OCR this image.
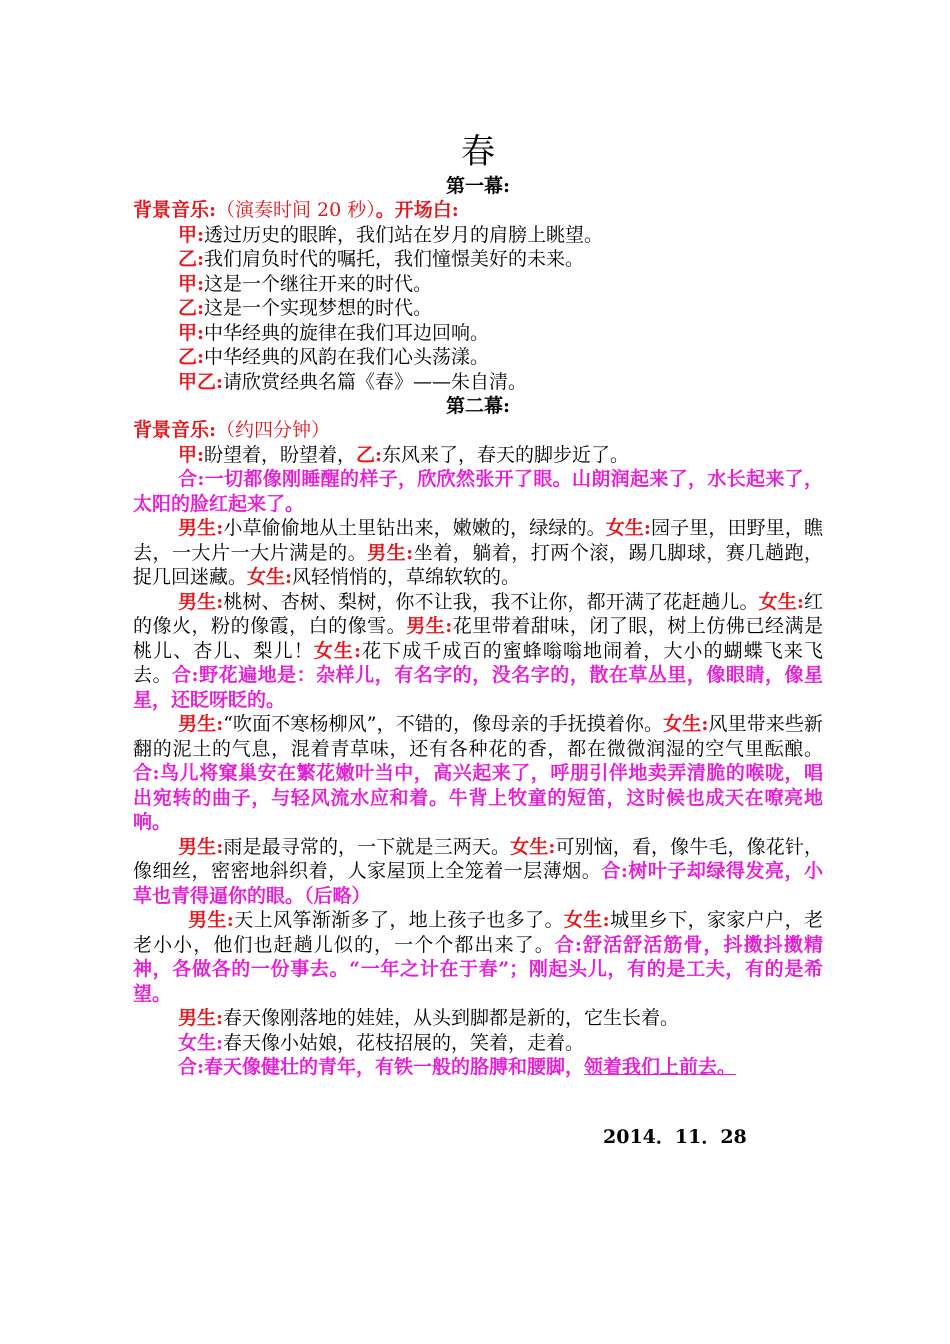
春
第一幕:

背景音乐:（演奏时间 20 秒）。开场白:

甲:透过历史的眼眸，我们站在岁月的肩膀上眺望。

乙:我们肩负时代的嘱托，我们憧憬美好的未来。

甲:这是一个继往开来的时代。

乙:这是一个实现梦想的时代。

甲:中华经典的旋律在我们耳边回响。

乙:中华经典的风韵在我们心头荡漾。

甲乙:请欣赏经典名篇《春》——朱自清。

第二幕:

背景音乐:（约四分钟）

甲:盼望着，盼望着，乙:东风来了，春天的脚步近了。

合:一切都像刚睡醒的样子，欣欣然张开了眼。山朗润起来了，水长起来了，太阳的脸红起来了。

男生:小草偷偷地从土里钻出来，嫩嫩的，绿绿的。女生:园子里，田野里，瞧去，一大片一大片满是的。男生:坐着，躺着，打两个滚，踢几脚球，赛几趟跑，捉几回迷藏。女生:风轻悄悄的，草绵软软的。

男生:桃树、杏树、梨树，你不让我，我不让你，都开满了花赶趟儿。女生:红的像火，粉的像霞，白的像雪。男生:花里带着甜味，闭了眼，树上仿佛已经满是桃儿、杏儿、梨儿！女生:花下成千成百的蜜蜂嗡嗡地闹着，大小的蝴蝶飞来飞去。合:野花遍地是：杂样儿，有名字的，没名字的，散在草丛里，像眼睛，像星星，还眨呀眨的。

男生:“吹面不寒杨柳风”，不错的，像母亲的手抚摸着你。女生:风里带来些新翻的泥土的气息，混着青草味，还有各种花的香，都在微微润湿的空气里酝酿。合:鸟儿将窠巢安在繁花嫩叶当中，高兴起来了，呼朋引伴地卖弄清脆的喉咙，唱出宛转的曲子，与轻风流水应和着。牛背上牧童的短笛，这时候也成天在嘹亮地响。

男生:雨是最寻常的，一下就是三两天。女生:可别恼，看，像牛毛，像花针，像细丝，密密地斜织着，人家屋顶上全笼着一层薄烟。合:树叶子却绿得发亮，小草也青得逼你的眼。（后略）

男生:天上风筝渐渐多了，地上孩子也多了。女生:城里乡下，家家户户，老老小小，他们也赶趟儿似的，一个个都出来了。合:舒活舒活筋骨，抖擞抖擞精神，各做各的一份事去。“一年之计在于春”；刚起头儿，有的是工夫，有的是希望。

男生:春天像刚落地的娃娃，从头到脚都是新的，它生长着。

女生:春天像小姑娘，花枝招展的，笑着，走着。

合:春天像健壮的青年，有铁一般的胳膊和腰脚，领着我们上前去。

2014．11．28
